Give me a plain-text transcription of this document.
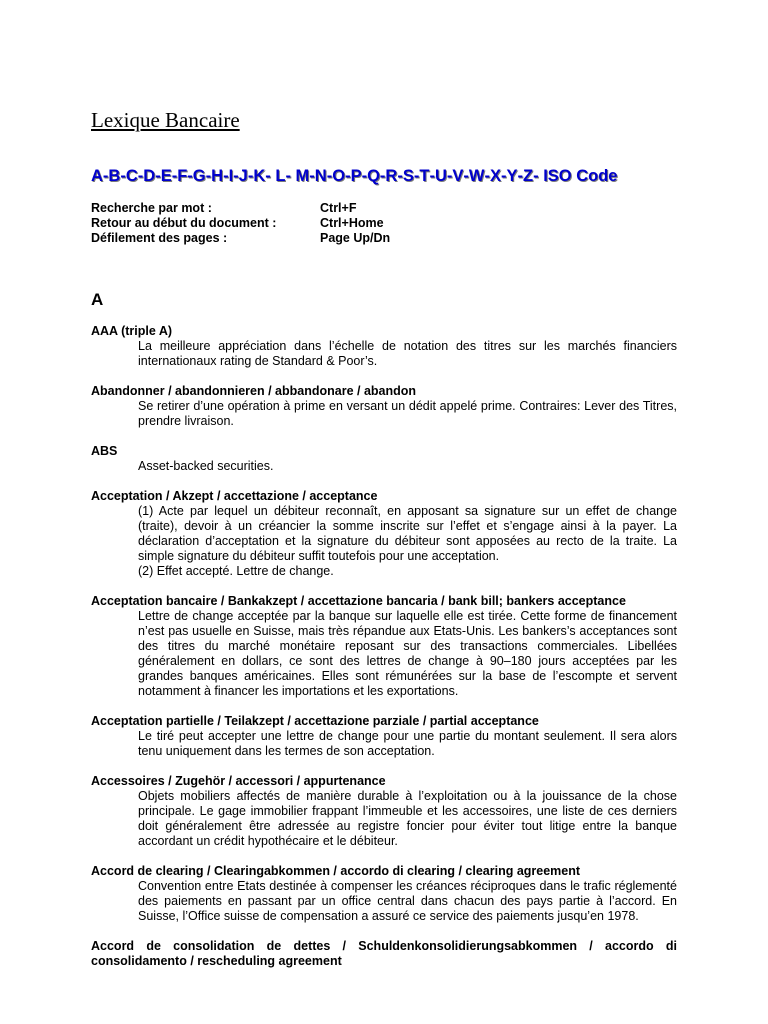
Lexique Bancaire
A - B - C - D - E - F - G - H - I - J - K - L - M - N - O - P - Q - R - S - T - U - V - W - X - Y - Z - ISO Code
Recherche par mot :	Ctrl+F
Retour au début du document :	Ctrl+Home
Défilement des pages :	Page Up/Dn
A
AAA (triple A)

La meilleure appréciation dans l’échelle de notation des titres sur les marchés financiers internationaux rating de Standard & Poor’s.

Abandonner / abandonnieren / abbandonare / abandon

Se retirer d’une opération à prime en versant un dédit appelé prime. Contraires: Lever des Titres, prendre livraison.

ABS

Asset-backed securities.

Acceptation / Akzept / accettazione / acceptance

(1) Acte par lequel un débiteur reconnaît, en apposant sa signature sur un effet de change (traite), devoir à un créancier la somme inscrite sur l’effet et s’engage ainsi à la payer. La déclaration d’acceptation et la signature du débiteur sont apposées au recto de la traite. La simple signature du débiteur suffit toutefois pour une acceptation.

(2) Effet accepté. Lettre de change.

Acceptation bancaire / Bankakzept / accettazione bancaria / bank bill; bankers acceptance

Lettre de change acceptée par la banque sur laquelle elle est tirée. Cette forme de financement n’est pas usuelle en Suisse, mais très répandue aux Etats-Unis. Les bankers’s acceptances sont des titres du marché monétaire reposant sur des transactions commerciales. Libellées généralement en dollars, ce sont des lettres de change à 90–180 jours acceptées par les grandes banques américaines. Elles sont rémunérées sur la base de l’escompte et servent notamment à financer les importations et les exportations.

Acceptation partielle / Teilakzept / accettazione parziale / partial acceptance

Le tiré peut accepter une lettre de change pour une partie du montant seulement. Il sera alors tenu uniquement dans les termes de son acceptation.

Accessoires / Zugehör / accessori / appurtenance

Objets mobiliers affectés de manière durable à l’exploitation ou à la jouissance de la chose principale. Le gage immobilier frappant l’immeuble et les accessoires, une liste de ces derniers doit généralement être adressée au registre foncier pour éviter tout litige entre la banque accordant un crédit hypothécaire et le débiteur.

Accord de clearing / Clearingabkommen / accordo di clearing / clearing agreement

Convention entre Etats destinée à compenser les créances réciproques dans le trafic réglementé des paiements en passant par un office central dans chacun des pays partie à l’accord. En Suisse, l’Office suisse de compensation a assuré ce service des paiements jusqu’en 1978.

Accord de consolidation de dettes / Schuldenkonsolidierungsabkommen / accordo di consolidamento / rescheduling agreement
